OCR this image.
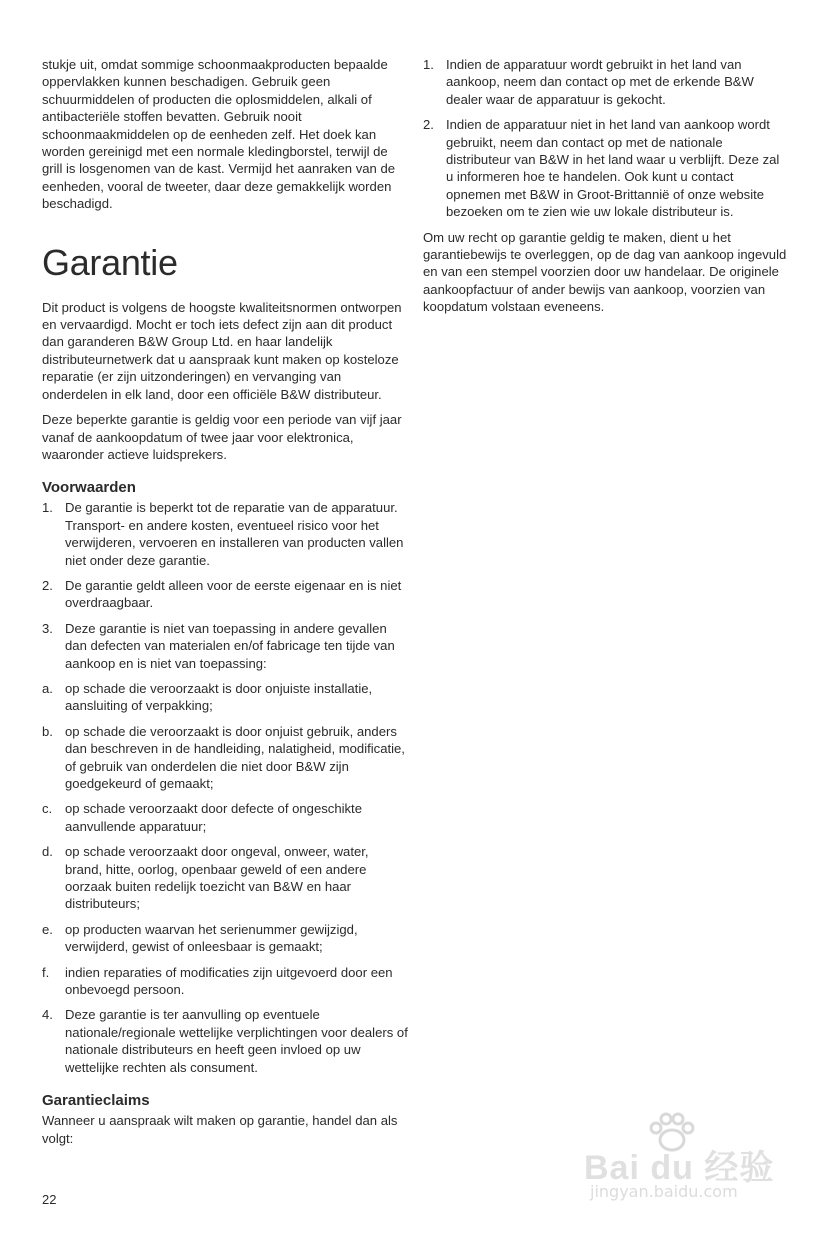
stukje uit, omdat sommige schoonmaakproducten bepaalde oppervlakken kunnen beschadigen. Gebruik geen schuurmiddelen of producten die oplosmiddelen, alkali of antibacteriële stoffen bevatten. Gebruik nooit schoonmaakmiddelen op de eenheden zelf. Het doek kan worden gereinigd met een normale kledingborstel, terwijl de grill is losgenomen van de kast. Vermijd het aanraken van de eenheden, vooral de tweeter, daar deze gemakkelijk worden beschadigd.

Garantie

Dit product is volgens de hoogste kwaliteitsnormen ontworpen en vervaardigd. Mocht er toch iets defect zijn aan dit product dan garanderen B&W Group Ltd. en haar landelijk distributeurnetwerk dat u aanspraak kunt maken op kosteloze reparatie (er zijn uitzonderingen) en vervanging van onderdelen in elk land, door een officiële B&W distributeur.

Deze beperkte garantie is geldig voor een periode van vijf jaar vanaf de aankoopdatum of twee jaar voor elektronica, waaronder actieve luidsprekers.

Voorwaarden
1. De garantie is beperkt tot de reparatie van de apparatuur. Transport- en andere kosten, eventueel risico voor het verwijderen, vervoeren en installeren van producten vallen niet onder deze garantie.
2. De garantie geldt alleen voor de eerste eigenaar en is niet overdraagbaar.
3. Deze garantie is niet van toepassing in andere gevallen dan defecten van materialen en/of fabricage ten tijde van aankoop en is niet van toepassing:
a. op schade die veroorzaakt is door onjuiste installatie, aansluiting of verpakking;
b. op schade die veroorzaakt is door onjuist gebruik, anders dan beschreven in de handleiding, nalatigheid, modificatie, of gebruik van onderdelen die niet door B&W zijn goedgekeurd of gemaakt;
c. op schade veroorzaakt door defecte of ongeschikte aanvullende apparatuur;
d. op schade veroorzaakt door ongeval, onweer, water, brand, hitte, oorlog, openbaar geweld of een andere oorzaak buiten redelijk toezicht van B&W en haar distributeurs;
e. op producten waarvan het serienummer gewijzigd, verwijderd, gewist of onleesbaar is gemaakt;
f. indien reparaties of modificaties zijn uitgevoerd door een onbevoegd persoon.
4. Deze garantie is ter aanvulling op eventuele nationale/regionale wettelijke verplichtingen voor dealers of nationale distributeurs en heeft geen invloed op uw wettelijke rechten als consument.
Garantieclaims

Wanneer u aanspraak wilt maken op garantie, handel dan als volgt:

1. Indien de apparatuur wordt gebruikt in het land van aankoop, neem dan contact op met de erkende B&W dealer waar de apparatuur is gekocht.
2. Indien de apparatuur niet in het land van aankoop wordt gebruikt, neem dan contact op met de nationale distributeur van B&W in het land waar u verblijft. Deze zal u informeren hoe te handelen. Ook kunt u contact opnemen met B&W in Groot-Brittannië of onze website bezoeken om te zien wie uw lokale distributeur is.

Om uw recht op garantie geldig te maken, dient u het garantiebewijs te overleggen, op de dag van aankoop ingevuld en van een stempel voorzien door uw handelaar. De originele aankoopfactuur of ander bewijs van aankoop, voorzien van koopdatum volstaan eveneens.

22
Bai du 经验
jingyan.baidu.com
